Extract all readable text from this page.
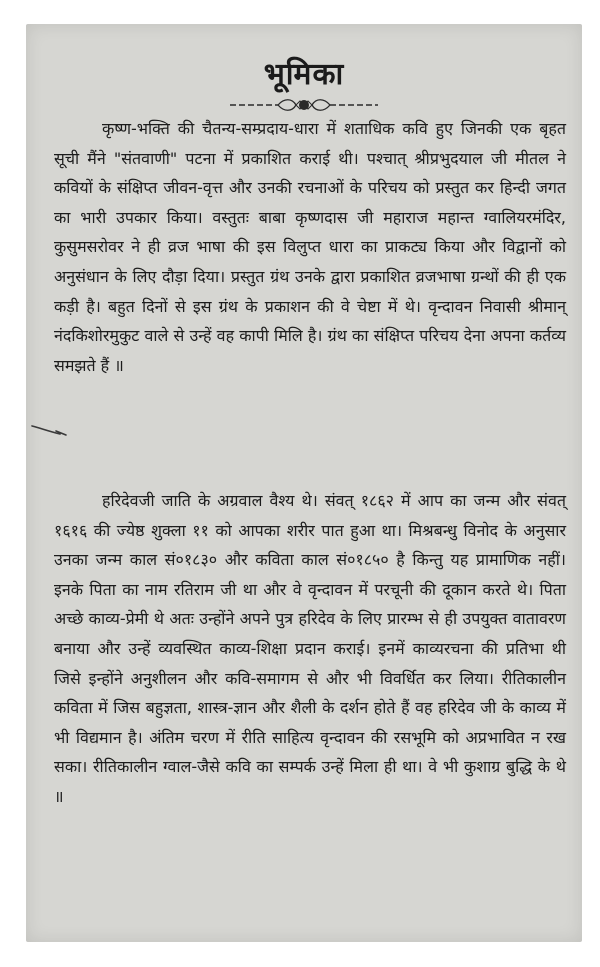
भूमिका
कृष्ण-भक्ति की चैतन्य-सम्प्रदाय-धारा में शताधिक कवि हुए जिनकी एक बृहत सूची मैंने "संतवाणी" पटना में प्रकाशित कराई थी। पश्चात् श्रीप्रभुदयाल जी मीतल ने कवियों के संक्षिप्त जीवन-वृत्त और उनकी रचनाओं के परिचय को प्रस्तुत कर हिन्दी जगत का भारी उपकार किया। वस्तुतः बाबा कृष्णदास जी महाराज महान्त ग्वालियरमंदिर, कुसुमसरोवर ने ही व्रज भाषा की इस विलुप्त धारा का प्राकट्य किया और विद्वानों को अनुसंधान के लिए दौड़ा दिया। प्रस्तुत ग्रंथ उनके द्वारा प्रकाशित व्रजभाषा ग्रन्थों की ही एक कड़ी है। बहुत दिनों से इस ग्रंथ के प्रकाशन की वे चेष्टा में थे। वृन्दावन निवासी श्रीमान् नंदकिशोरमुकुट वाले से उन्हें वह कापी मिलि है। ग्रंथ का संक्षिप्त परिचय देना अपना कर्तव्य समझते हैं ॥
हरिदेवजी जाति के अग्रवाल वैश्य थे। संवत् १८६२ में आप का जन्म और संवत् १६१६ की ज्येष्ठ शुक्ला ११ को आपका शरीर पात हुआ था। मिश्रबन्धु विनोद के अनुसार उनका जन्म काल सं०१८३० और कविता काल सं०१८५० है किन्तु यह प्रामाणिक नहीं। इनके पिता का नाम रतिराम जी था और वे वृन्दावन में परचूनी की दूकान करते थे। पिता अच्छे काव्य-प्रेमी थे अतः उन्होंने अपने पुत्र हरिदेव के लिए प्रारम्भ से ही उपयुक्त वातावरण बनाया और उन्हें व्यवस्थित काव्य-शिक्षा प्रदान कराई। इनमें काव्यरचना की प्रतिभा थी जिसे इन्होंने अनुशीलन और कवि-समागम से और भी विवर्धित कर लिया। रीतिकालीन कविता में जिस बहुज्ञता, शास्त्र-ज्ञान और शैली के दर्शन होते हैं वह हरिदेव जी के काव्य में भी विद्यमान है। अंतिम चरण में रीति साहित्य वृन्दावन की रसभूमि को अप्रभावित न रख सका। रीतिकालीन ग्वाल-जैसे कवि का सम्पर्क उन्हें मिला ही था। वे भी कुशाग्र बुद्धि के थे ॥
